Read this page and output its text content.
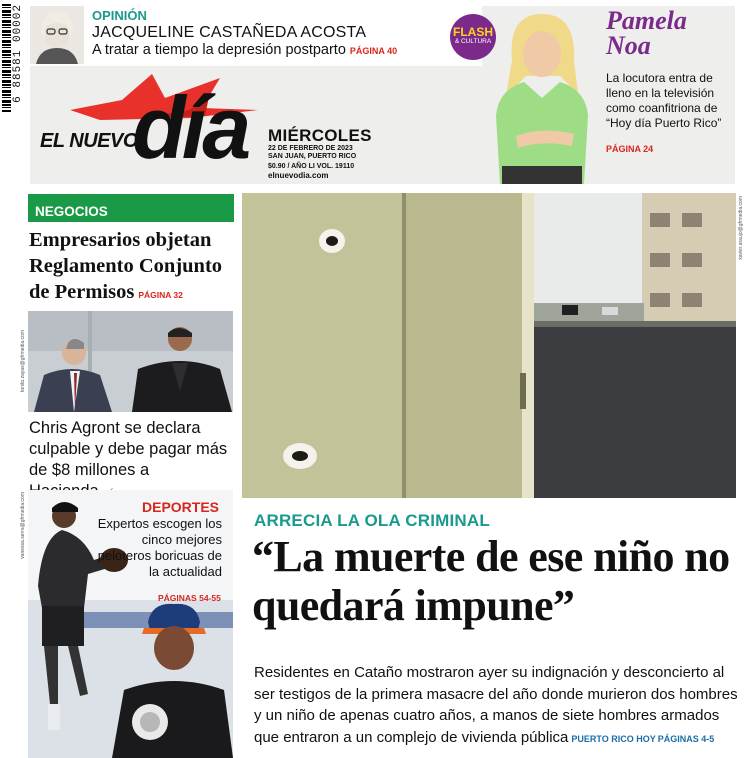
6 88581 00002	OPINIÓN
JACQUELINE CASTAÑEDA ACOSTA
A tratar a tiempo la depresión postparto PÁGINA 40
EL NUEVO
día MIÉRCOLES
22 DE FEBRERO DE 2023
SAN JUAN, PUERTO RICO
$0.90 / AÑO LI VOL. 19110
elnuevodia.com
FLASH
& CULTURA
Pamela
Noa
La locutora entra de lleno en la televisión como coanfitriona de “Hoy día Puerto Rico”
PÁGINA 24
NEGOCIOS
Empresarios objetan Reglamento Conjunto de Permisos PÁGINA 32
tonito.zayas@gfrmedia.com
Chris Agront se declara culpable y debe pagar más de $8 millones a
vanessa.serra@gfrmedia.com	DEPORTES
Expertos escogen los cinco mejores peloteros boricuas de la actualidad
PÁGINAS 54-55
xavier.araujo@gfrmedia.com
ARRECIA LA OLA CRIMINAL
“La muerte de ese niño no quedará impune”
Residentes en Cataño mostraron ayer su indignación y desconcierto al ser testigos de la primera masacre del año donde murieron dos hombres y un niño de apenas cuatro años, a manos de siete hombres armados que entraron a un complejo de vivienda pública PUERTO RICO HOY PÁGINAS 4-5
